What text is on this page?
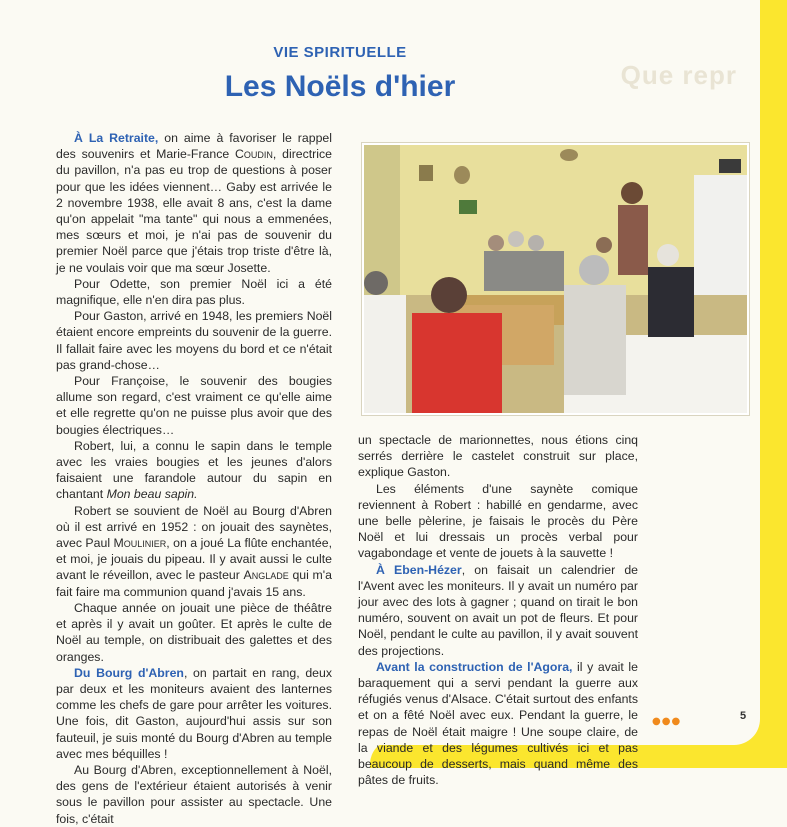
Que repr
VIE SPIRITUELLE
Les Noëls d'hier

À La Retraite, on aime à favoriser le rappel des souvenirs et Marie-France Coudin, directrice du pavillon, n'a pas eu trop de questions à poser pour que les idées viennent… Gaby est arrivée le 2 novembre 1938, elle avait 8 ans, c'est la dame qu'on appelait "ma tante" qui nous a emmenées, mes sœurs et moi, je n'ai pas de souvenir du premier Noël parce que j'étais trop triste d'être là, je ne voulais voir que ma sœur Josette.

Pour Odette, son premier Noël ici a été magnifique, elle n'en dira pas plus.

Pour Gaston, arrivé en 1948, les premiers Noël étaient encore empreints du souvenir de la guerre. Il fallait faire avec les moyens du bord et ce n'était pas grand-chose…

Pour Françoise, le souvenir des bougies allume son regard, c'est vraiment ce qu'elle aime et elle regrette qu'on ne puisse plus avoir que des bougies électriques…

Robert, lui, a connu le sapin dans le temple avec les vraies bougies et les jeunes d'alors faisaient une farandole autour du sapin en chantant Mon beau sapin.

Robert se souvient de Noël au Bourg d'Abren où il est arrivé en 1952 : on jouait des saynètes, avec Paul Moulinier, on a joué La flûte enchantée, et moi, je jouais du pipeau. Il y avait aussi le culte avant le réveillon, avec le pasteur Anglade qui m'a fait faire ma communion quand j'avais 15 ans.

Chaque année on jouait une pièce de théâtre et après il y avait un goûter. Et après le culte de Noël au temple, on distribuait des galettes et des oranges.

Du Bourg d'Abren, on partait en rang, deux par deux et les moniteurs avaient des lanternes comme les chefs de gare pour arrêter les voitures. Une fois, dit Gaston, aujourd'hui assis sur son fauteuil, je suis monté du Bourg d'Abren au temple avec mes béquilles !

Au Bourg d'Abren, exceptionnellement à Noël, des gens de l'extérieur étaient autorisés à venir sous le pavillon pour assister au spectacle. Une fois, c'était

un spectacle de marionnettes, nous étions cinq serrés derrière le castelet construit sur place, explique Gaston.

Les éléments d'une saynète comique reviennent à Robert : habillé en gendarme, avec une belle pèlerine, je faisais le procès du Père Noël et lui dressais un procès verbal pour vagabondage et vente de jouets à la sauvette !

À Eben-Hézer, on faisait un calendrier de l'Avent avec les moniteurs. Il y avait un numéro par jour avec des lots à gagner ; quand on tirait le bon numéro, souvent on avait un pot de fleurs. Et pour Noël, pendant le culte au pavillon, il y avait souvent des projections.

Avant la construction de l'Agora, il y avait le baraquement qui a servi pendant la guerre aux réfugiés venus d'Alsace. C'était surtout des enfants et on a fêté Noël avec eux. Pendant la guerre, le repas de Noël était maigre ! Une soupe claire, de la viande et des légumes cultivés ici et pas beaucoup de desserts, mais quand même des pâtes de fruits.

●●●	5
